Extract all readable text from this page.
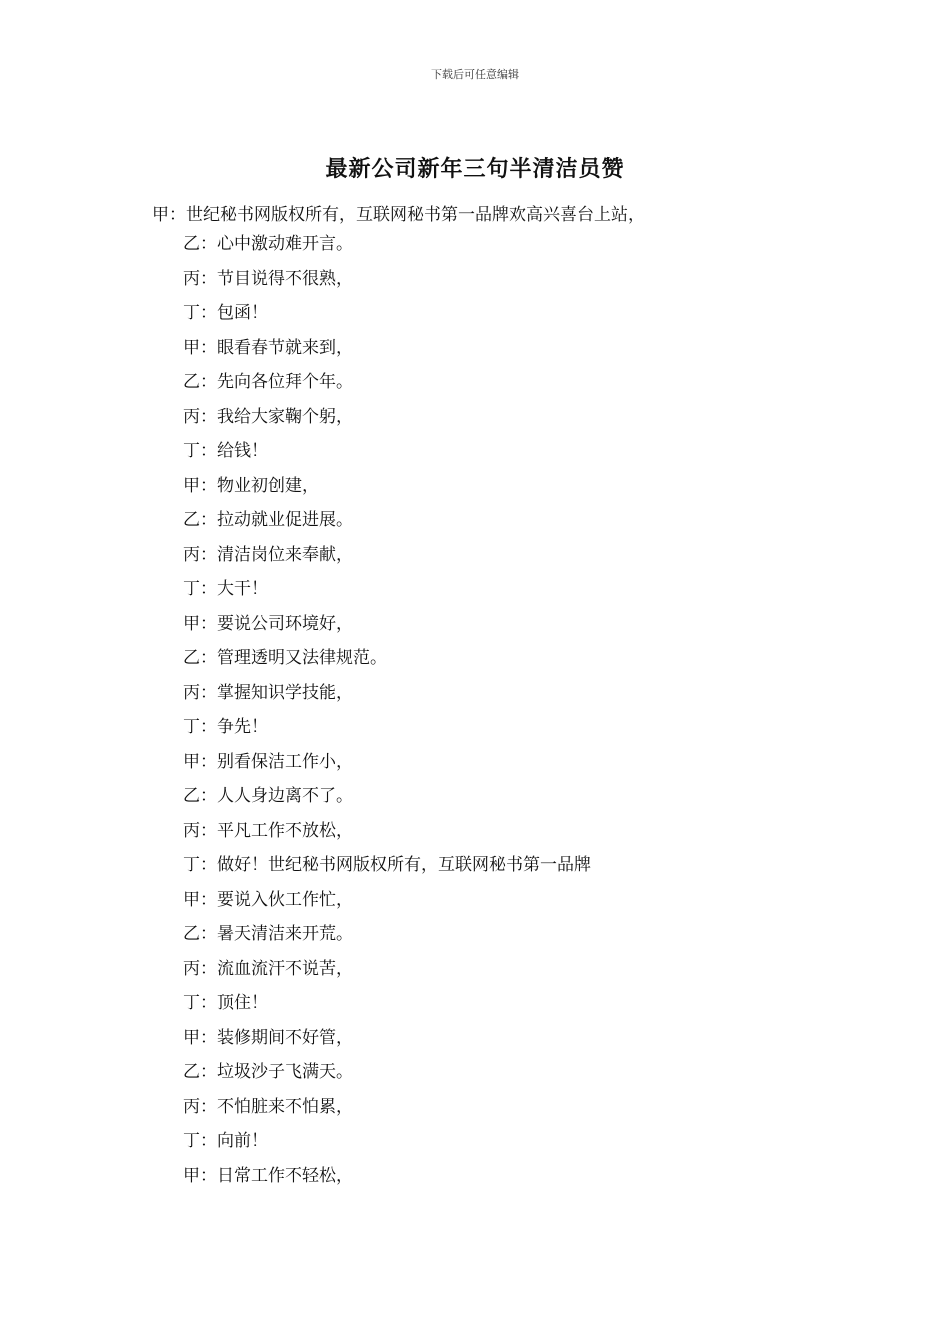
下载后可任意编辑
最新公司新年三句半清洁员赞
甲：世纪秘书网版权所有，互联网秘书第一品牌欢高兴喜台上站，
乙：心中激动难开言。
丙：节目说得不很熟，
丁：包函！
甲：眼看春节就来到，
乙：先向各位拜个年。
丙：我给大家鞠个躬，
丁：给钱！
甲：物业初创建，
乙：拉动就业促进展。
丙：清洁岗位来奉献，
丁：大干！
甲：要说公司环境好，
乙：管理透明又法律规范。
丙：掌握知识学技能，
丁：争先！
甲：别看保洁工作小，
乙：人人身边离不了。
丙：平凡工作不放松，
丁：做好！世纪秘书网版权所有，互联网秘书第一品牌
甲：要说入伙工作忙，
乙：暑天清洁来开荒。
丙：流血流汗不说苦，
丁：顶住！
甲：装修期间不好管，
乙：垃圾沙子飞满天。
丙：不怕脏来不怕累，
丁：向前！
甲：日常工作不轻松，
